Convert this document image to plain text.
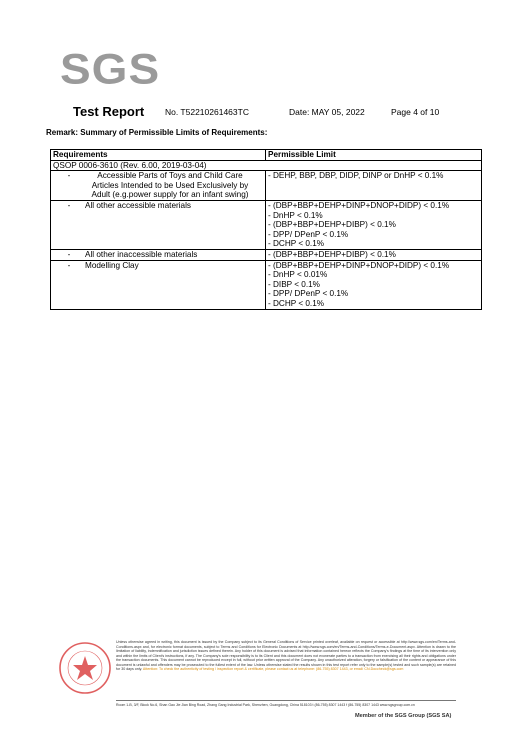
SGS
Test Report No. T52210261463TC	Date: MAY 05, 2022	Page 4 of 10
Remark: Summary of Permissible Limits of Requirements:
Requirements	Permissible Limit
QSOP 0006-3610 (Rev. 6.00, 2019-03-04)	
- Accessible Parts of Toys and Child Care Articles Intended to be Used Exclusively by Adult (e.g.power supply for an infant swing)	- DEHP, BBP, DBP, DIDP, DINP or DnHP < 0.1%

- All other accessible materials	- (DBP+BBP+DEHP+DINP+DNOP+DIDP) < 0.1%
- DnHP < 0.1%
- (DBP+BBP+DEHP+DIBP) < 0.1%
- DPP/ DPenP < 0.1%
- DCHP < 0.1%

- All other inaccessible materials	- (DBP+BBP+DEHP+DIBP) < 0.1%

- Modelling Clay	- (DBP+BBP+DEHP+DINP+DNOP+DIDP) < 0.1%
- DnHP < 0.01%
- DIBP < 0.1%
- DPP/ DPenP < 0.1%
- DCHP < 0.1%
Unless otherwise agreed in writing, this document is issued by the Company subject to its General Conditions of Service printed overleaf, available on request or accessible at http://www.sgs.com/en/Terms-and-Conditions.aspx and, for electronic format documents, subject to Terms and Conditions for Electronic Documents at http://www.sgs.com/en/Terms-and-Conditions/Terms-e-Document.aspx. Attention is drawn to the limitation of liability, indemnification and jurisdiction issues defined therein. Any holder of this document is advised that information contained hereon reflects the Company's findings at the time of its intervention only and within the limits of Client's instructions, if any. The Company's sole responsibility is to its Client and this document does not exonerate parties to a transaction from exercising all their rights and obligations under the transaction documents. This document cannot be reproduced except in full, without prior written approval of the Company. Any unauthorized alteration, forgery or falsification of the content or appearance of this document is unlawful and offenders may be prosecuted to the fullest extent of the law. Unless otherwise stated the results shown in this test report refer only to the sample(s) tested and such sample(s) are retained for 30 days only. Attention: To check the authenticity of testing / inspection report & certificate, please contact us at telephone: (86-755) 8307 1443, or email: CN.Doccheck@sgs.com
Room 1-B, 3/F, Block No.6, Shan Gao Jie Jian Bing Road, Zhang Gang Industrial Park, Shenzhen, Guangdong, China 518103 t (86-755) 8307 1443 f (86-755) 8307 1443 www.sgsgroup.com.cn
Member of the SGS Group (SGS SA)
